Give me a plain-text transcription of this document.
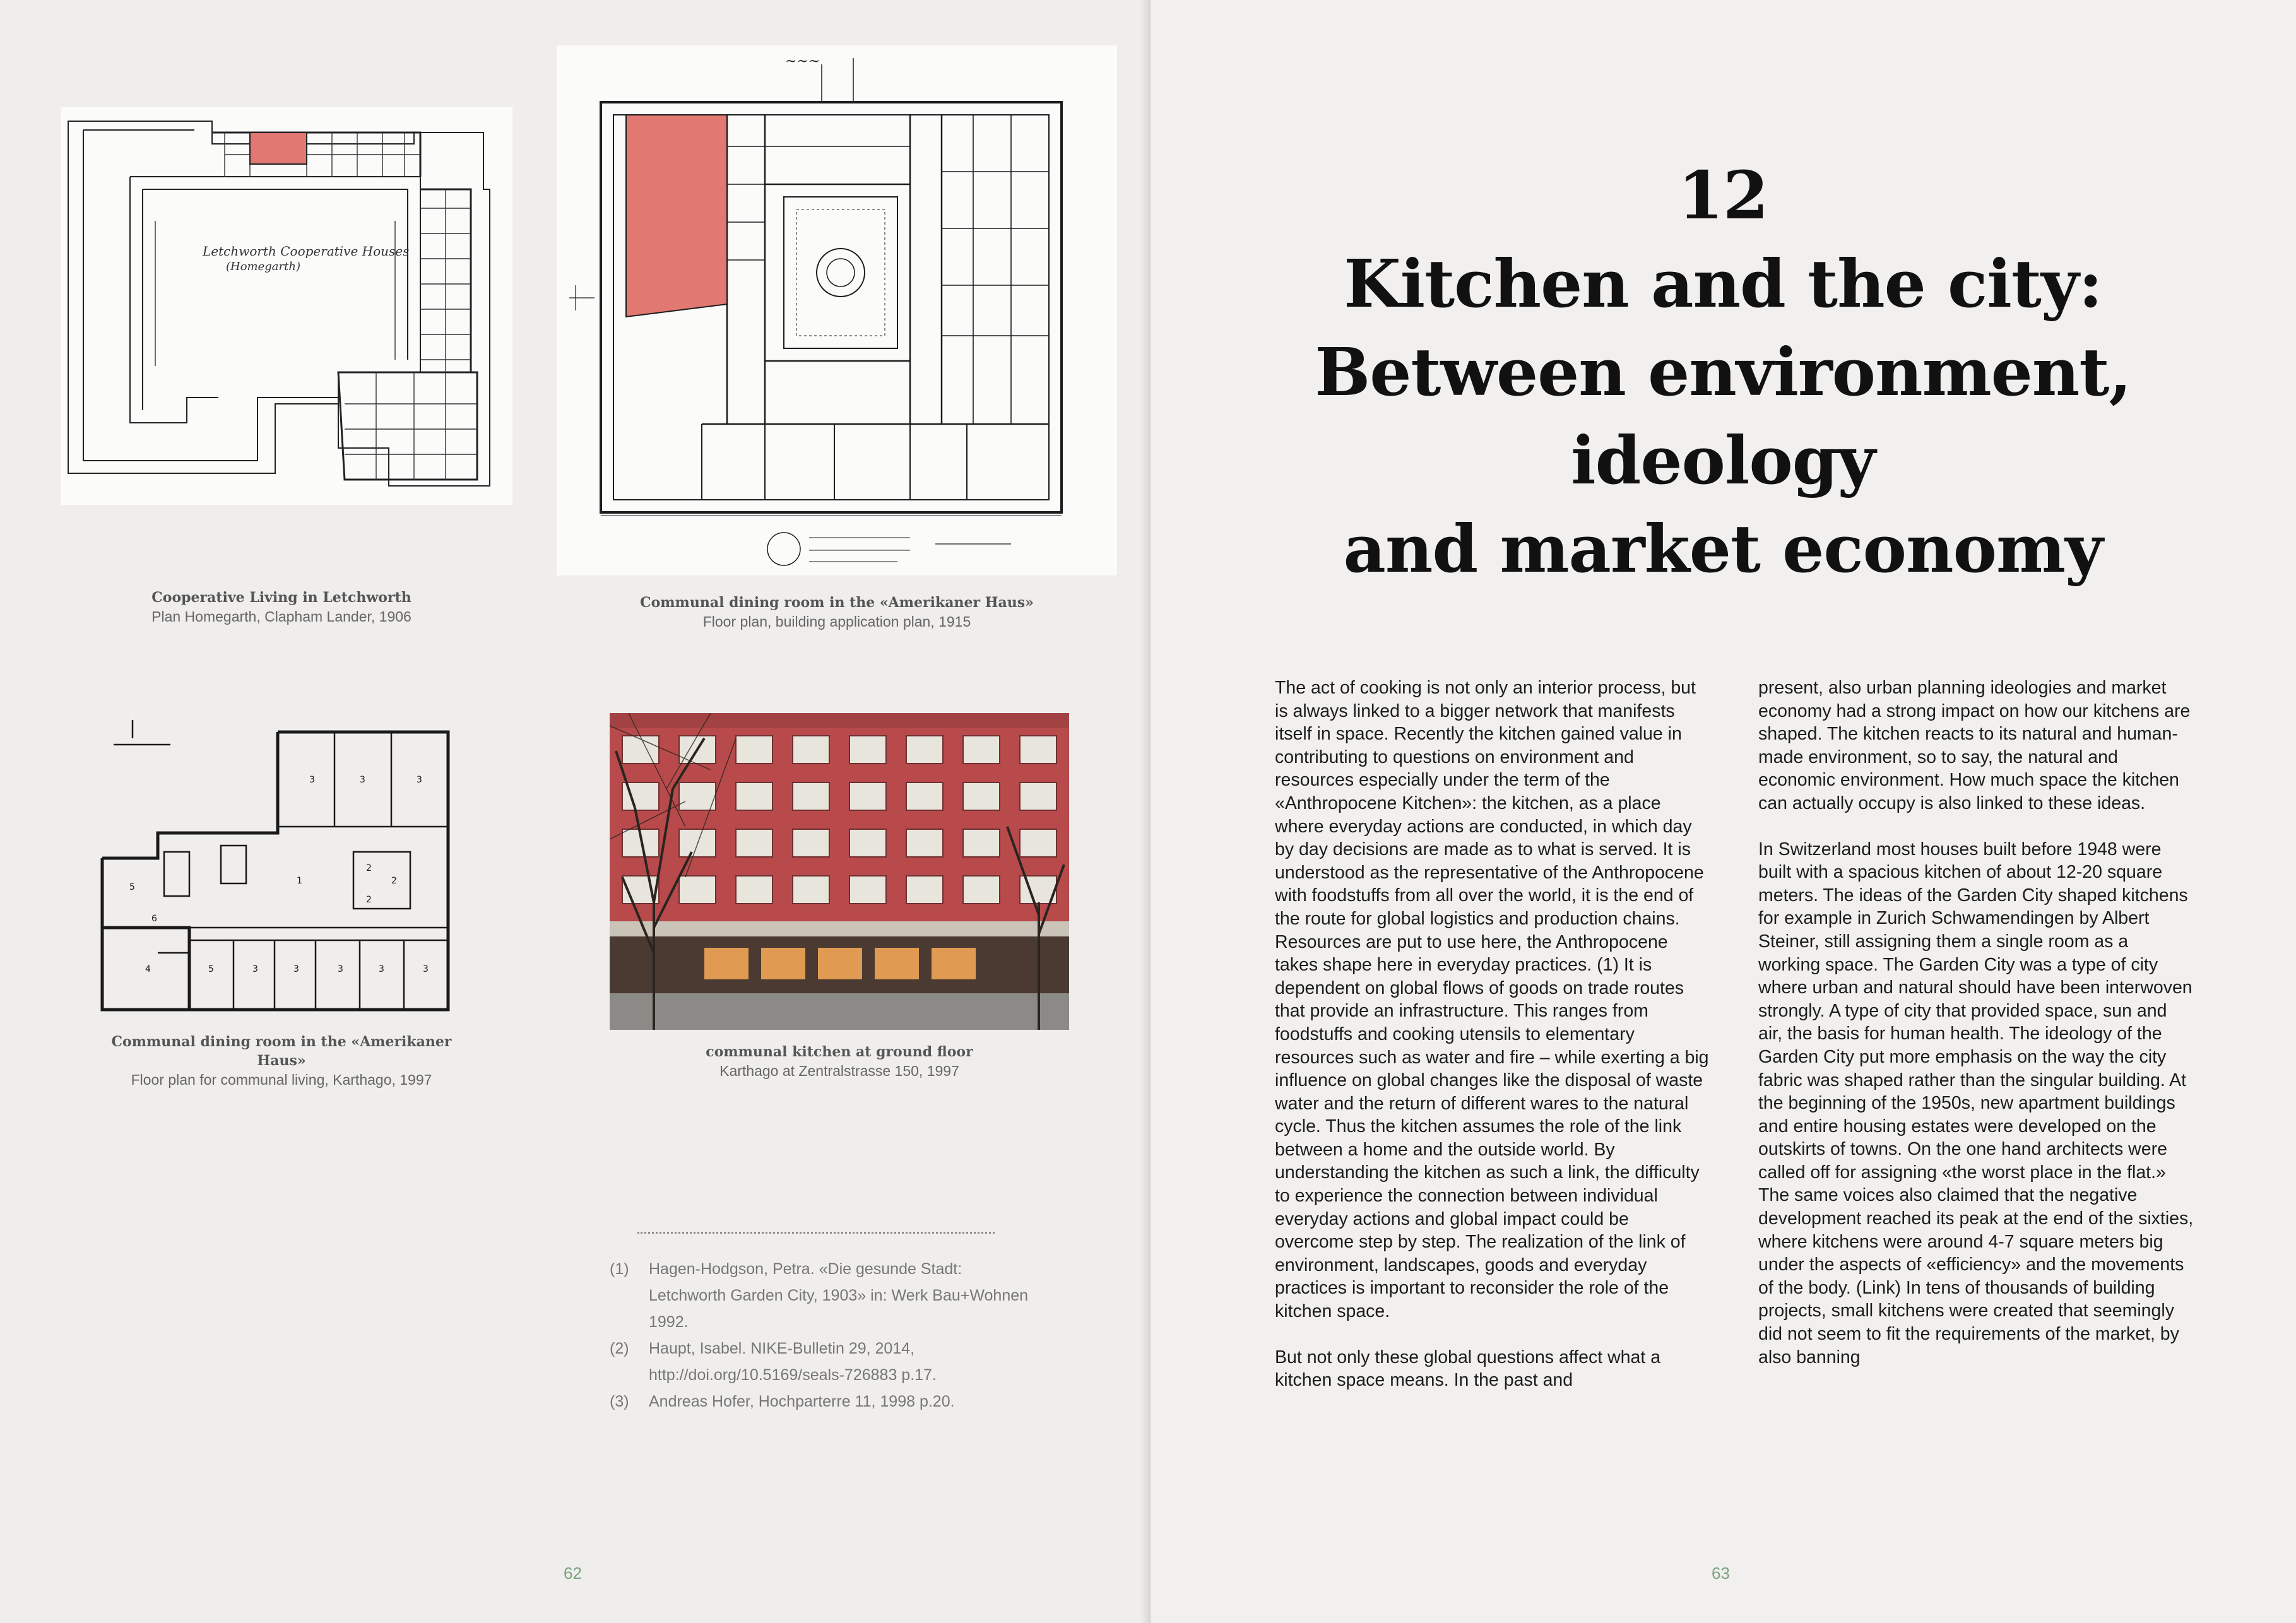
Letchworth Cooperative Houses
(Homegarth)
Cooperative Living in Letchworth
Plan Homegarth, Clapham Lander, 1906
~~~
Communal dining room in the «Amerikaner Haus»
Floor plan, building application plan, 1915
3	3	3
5
6
4	5	3	3	3	3	3
2
2
2
1
Communal dining room in the «Amerikaner Haus»
Floor plan for communal living, Karthago, 1997
communal kitchen at ground floor
Karthago at Zentralstrasse 150, 1997
(1)	Hagen-Hodgson, Petra. «Die gesunde Stadt: Letchworth Garden City, 1903» in: Werk Bau+Wohnen 1992.
(2)	Haupt, Isabel. NIKE-Bulletin 29, 2014, http://doi.org/10.5169/seals-726883 p.17.
(3)	Andreas Hofer, Hochparterre 11, 1998 p.20.
62	63
12
Kitchen and the city:
Between environment, ideology
and market economy

The act of cooking is not only an interior process, but is always linked to a bigger network that manifests itself in space. Recently the kitchen gained value in contributing to questions on environment and resources especially under the term of the «Anthropocene Kitchen»: the kitchen, as a place where everyday actions are conducted, in which day by day decisions are made as to what is served. It is understood as the representative of the Anthropocene with foodstuffs from all over the world, it is the end of the route for global logistics and production chains. Resources are put to use here, the Anthropocene takes shape here in everyday practices. (1) It is dependent on global flows of goods on trade routes that provide an infrastructure. This ranges from foodstuffs and cooking utensils to elementary resources such as water and fire – while exerting a big influence on global changes like the disposal of waste water and the return of different wares to the natural cycle. Thus the kitchen assumes the role of the link between a home and the outside world. By understanding the kitchen as such a link, the difficulty to experience the connection between individual everyday actions and global impact could be overcome step by step. The realization of the link of environment, landscapes, goods and everyday practices is important to reconsider the role of the kitchen space.

But not only these global questions affect what a kitchen space means. In the past and

present, also urban planning ideologies and market economy had a strong impact on how our kitchens are shaped. The kitchen reacts to its natural and human-made environment, so to say, the natural and economic environment. How much space the kitchen can actually occupy is also linked to these ideas.

In Switzerland most houses built before 1948 were built with a spacious kitchen of about 12-20 square meters. The ideas of the Garden City shaped kitchens for example in Zurich Schwamendingen by Albert Steiner, still assigning them a single room as a working space. The Garden City was a type of city where urban and natural should have been interwoven strongly. A type of city that provided space, sun and air, the basis for human health. The ideology of the Garden City put more emphasis on the way the city fabric was shaped rather than the singular building. At the beginning of the 1950s, new apartment buildings and entire housing estates were developed on the outskirts of towns. On the one hand architects were called off for assigning «the worst place in the flat.» The same voices also claimed that the negative development reached its peak at the end of the sixties, where kitchens were around 4-7 square meters big under the aspects of «efficiency» and the movements of the body. (Link) In tens of thousands of building projects, small kitchens were created that seemingly did not seem to fit the requirements of the market, by also banning
